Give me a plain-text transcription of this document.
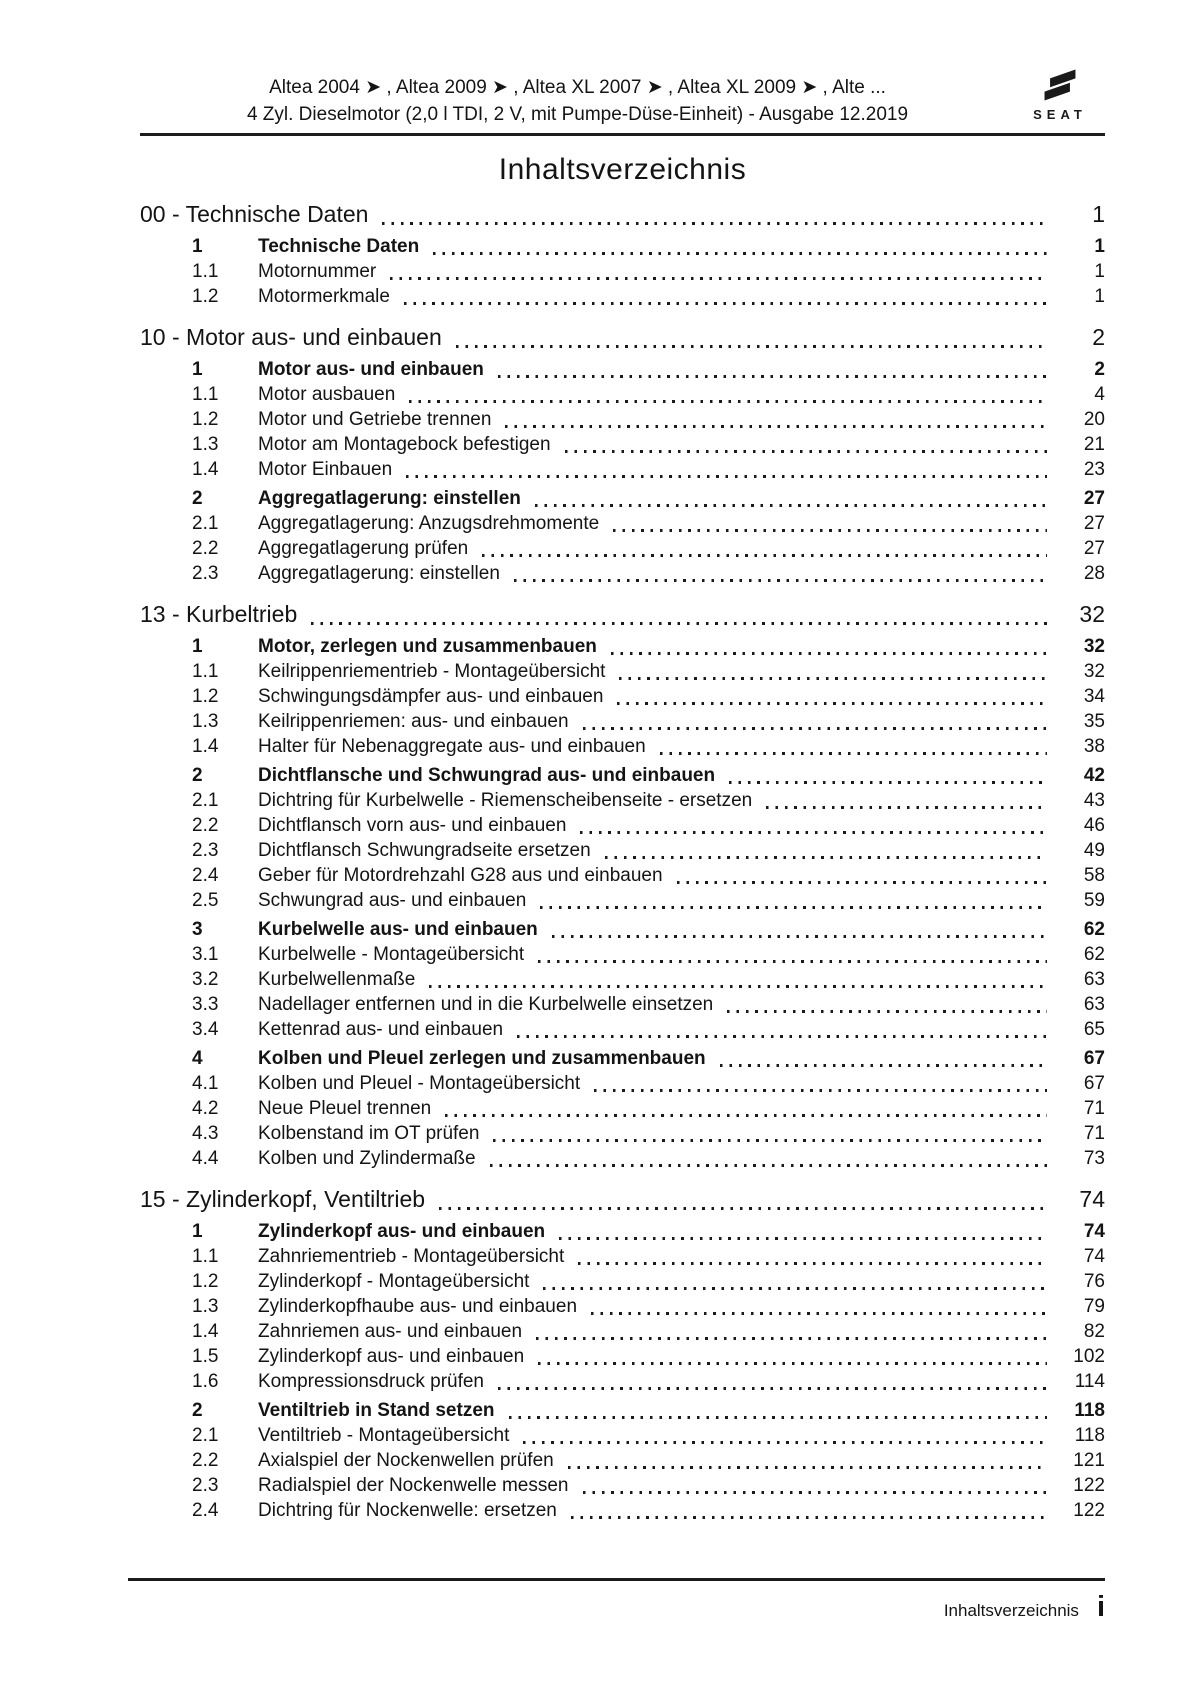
Altea 2004 ➤ , Altea 2009 ➤ , Altea XL 2007 ➤ , Altea XL 2009 ➤ , Alte ...
4 Zyl. Dieselmotor (2,0 l TDI, 2 V, mit Pumpe-Düse-Einheit) - Ausgabe 12.2019	SEAT
Inhaltsverzeichnis
00 - Technische Daten	1
1	Technische Daten	1
1.1	Motornummer	1
1.2	Motormerkmale	1
10 - Motor aus- und einbauen	2
1	Motor aus- und einbauen	2
1.1	Motor ausbauen	4
1.2	Motor und Getriebe trennen	20
1.3	Motor am Montagebock befestigen	21
1.4	Motor Einbauen	23
2	Aggregatlagerung: einstellen	27
2.1	Aggregatlagerung: Anzugsdrehmomente	27
2.2	Aggregatlagerung prüfen	27
2.3	Aggregatlagerung: einstellen	28
13 - Kurbeltrieb	32
1	Motor, zerlegen und zusammenbauen	32
1.1	Keilrippenriementrieb - Montageübersicht	32
1.2	Schwingungsdämpfer aus- und einbauen	34
1.3	Keilrippenriemen: aus- und einbauen	35
1.4	Halter für Nebenaggregate aus- und einbauen	38
2	Dichtflansche und Schwungrad aus- und einbauen	42
2.1	Dichtring für Kurbelwelle - Riemenscheibenseite - ersetzen	43
2.2	Dichtflansch vorn aus- und einbauen	46
2.3	Dichtflansch Schwungradseite ersetzen	49
2.4	Geber für Motordrehzahl G28 aus und einbauen	58
2.5	Schwungrad aus- und einbauen	59
3	Kurbelwelle aus- und einbauen	62
3.1	Kurbelwelle - Montageübersicht	62
3.2	Kurbelwellenmaße	63
3.3	Nadellager entfernen und in die Kurbelwelle einsetzen	63
3.4	Kettenrad aus- und einbauen	65
4	Kolben und Pleuel zerlegen und zusammenbauen	67
4.1	Kolben und Pleuel - Montageübersicht	67
4.2	Neue Pleuel trennen	71
4.3	Kolbenstand im OT prüfen	71
4.4	Kolben und Zylindermaße	73
15 - Zylinderkopf, Ventiltrieb	74
1	Zylinderkopf aus- und einbauen	74
1.1	Zahnriementrieb - Montageübersicht	74
1.2	Zylinderkopf - Montageübersicht	76
1.3	Zylinderkopfhaube aus- und einbauen	79
1.4	Zahnriemen aus- und einbauen	82
1.5	Zylinderkopf aus- und einbauen	102
1.6	Kompressionsdruck prüfen	114
2	Ventiltrieb in Stand setzen	118
2.1	Ventiltrieb - Montageübersicht	118
2.2	Axialspiel der Nockenwellen prüfen	121
2.3	Radialspiel der Nockenwelle messen	122
2.4	Dichtring für Nockenwelle: ersetzen	122
Inhaltsverzeichnis i
